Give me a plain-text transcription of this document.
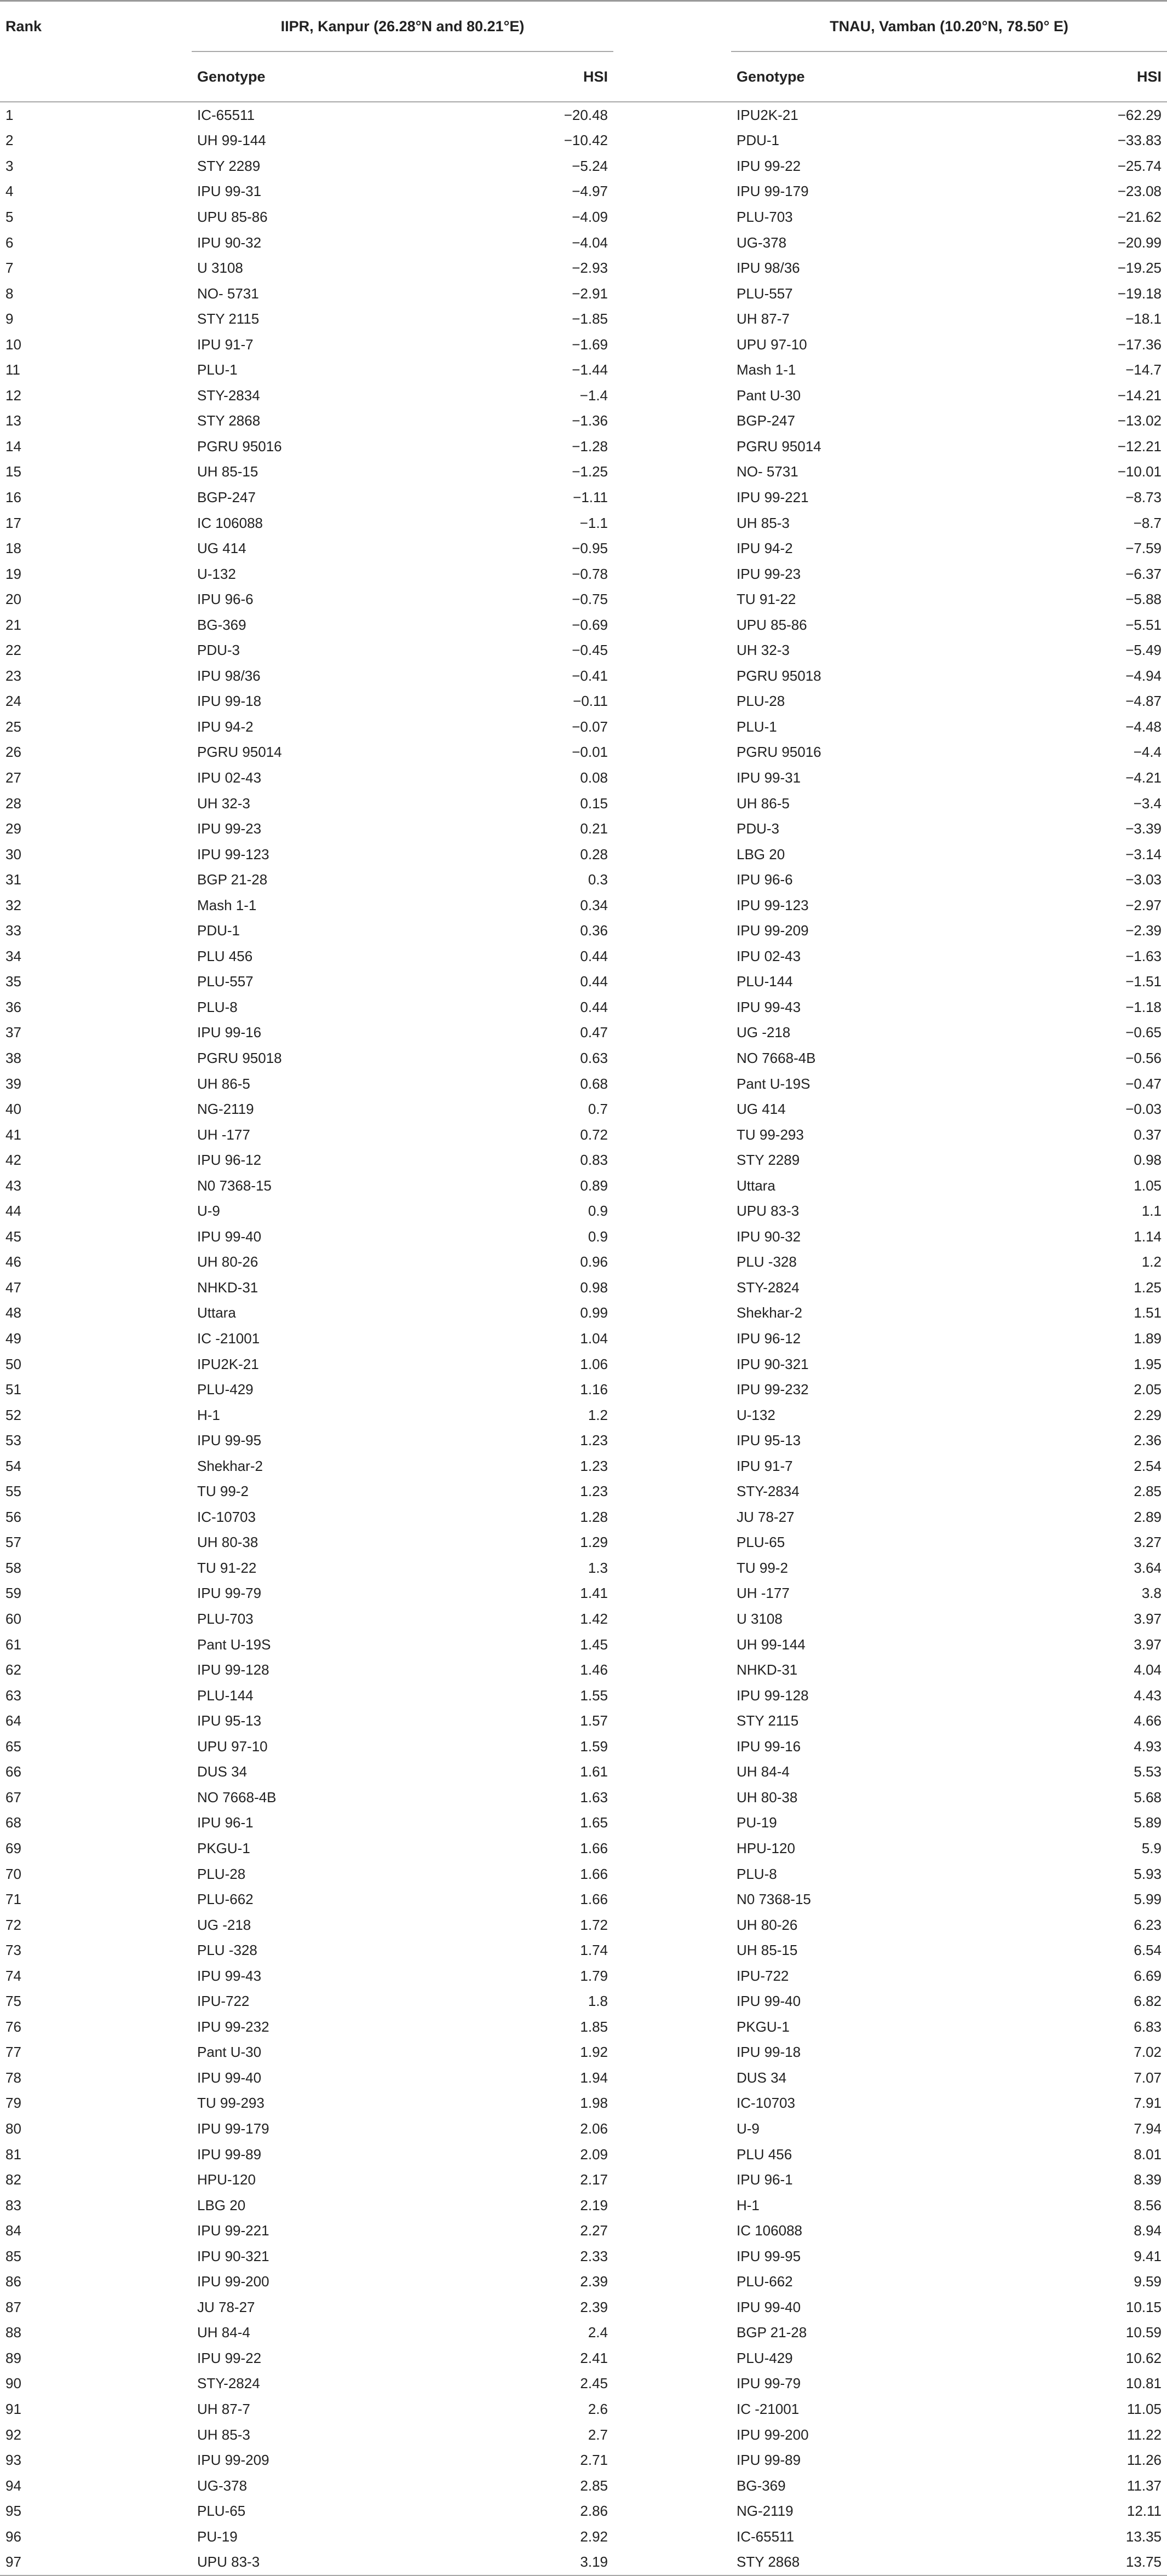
Rank	IIPR, Kanpur (26.28°N and 80.21°E)			TNAU, Vamban (10.20°N, 78.50° E)	
	Genotype	HSI		Genotype	HSI
1	IC-65511	−20.48		IPU2K-21	−62.29
2	UH 99-144	−10.42		PDU-1	−33.83
3	STY 2289	−5.24		IPU 99-22	−25.74
4	IPU 99-31	−4.97		IPU 99-179	−23.08
5	UPU 85-86	−4.09		PLU-703	−21.62
6	IPU 90-32	−4.04		UG-378	−20.99
7	U 3108	−2.93		IPU 98/36	−19.25
8	NO- 5731	−2.91		PLU-557	−19.18
9	STY 2115	−1.85		UH 87-7	−18.1
10	IPU 91-7	−1.69		UPU 97-10	−17.36
11	PLU-1	−1.44		Mash 1-1	−14.7
12	STY-2834	−1.4		Pant U-30	−14.21
13	STY 2868	−1.36		BGP-247	−13.02
14	PGRU 95016	−1.28		PGRU 95014	−12.21
15	UH 85-15	−1.25		NO- 5731	−10.01
16	BGP-247	−1.11		IPU 99-221	−8.73
17	IC 106088	−1.1		UH 85-3	−8.7
18	UG 414	−0.95		IPU 94-2	−7.59
19	U-132	−0.78		IPU 99-23	−6.37
20	IPU 96-6	−0.75		TU 91-22	−5.88
21	BG-369	−0.69		UPU 85-86	−5.51
22	PDU-3	−0.45		UH 32-3	−5.49
23	IPU 98/36	−0.41		PGRU 95018	−4.94
24	IPU 99-18	−0.11		PLU-28	−4.87
25	IPU 94-2	−0.07		PLU-1	−4.48
26	PGRU 95014	−0.01		PGRU 95016	−4.4
27	IPU 02-43	0.08		IPU 99-31	−4.21
28	UH 32-3	0.15		UH 86-5	−3.4
29	IPU 99-23	0.21		PDU-3	−3.39
30	IPU 99-123	0.28		LBG 20	−3.14
31	BGP 21-28	0.3		IPU 96-6	−3.03
32	Mash 1-1	0.34		IPU 99-123	−2.97
33	PDU-1	0.36		IPU 99-209	−2.39
34	PLU 456	0.44		IPU 02-43	−1.63
35	PLU-557	0.44		PLU-144	−1.51
36	PLU-8	0.44		IPU 99-43	−1.18
37	IPU 99-16	0.47		UG -218	−0.65
38	PGRU 95018	0.63		NO 7668-4B	−0.56
39	UH 86-5	0.68		Pant U-19S	−0.47
40	NG-2119	0.7		UG 414	−0.03
41	UH -177	0.72		TU 99-293	0.37
42	IPU 96-12	0.83		STY 2289	0.98
43	N0 7368-15	0.89		Uttara	1.05
44	U-9	0.9		UPU 83-3	1.1
45	IPU 99-40	0.9		IPU 90-32	1.14
46	UH 80-26	0.96		PLU -328	1.2
47	NHKD-31	0.98		STY-2824	1.25
48	Uttara	0.99		Shekhar-2	1.51
49	IC -21001	1.04		IPU 96-12	1.89
50	IPU2K-21	1.06		IPU 90-321	1.95
51	PLU-429	1.16		IPU 99-232	2.05
52	H-1	1.2		U-132	2.29
53	IPU 99-95	1.23		IPU 95-13	2.36
54	Shekhar-2	1.23		IPU 91-7	2.54
55	TU 99-2	1.23		STY-2834	2.85
56	IC-10703	1.28		JU 78-27	2.89
57	UH 80-38	1.29		PLU-65	3.27
58	TU 91-22	1.3		TU 99-2	3.64
59	IPU 99-79	1.41		UH -177	3.8
60	PLU-703	1.42		U 3108	3.97
61	Pant U-19S	1.45		UH 99-144	3.97
62	IPU 99-128	1.46		NHKD-31	4.04
63	PLU-144	1.55		IPU 99-128	4.43
64	IPU 95-13	1.57		STY 2115	4.66
65	UPU 97-10	1.59		IPU 99-16	4.93
66	DUS 34	1.61		UH 84-4	5.53
67	NO 7668-4B	1.63		UH 80-38	5.68
68	IPU 96-1	1.65		PU-19	5.89
69	PKGU-1	1.66		HPU-120	5.9
70	PLU-28	1.66		PLU-8	5.93
71	PLU-662	1.66		N0 7368-15	5.99
72	UG -218	1.72		UH 80-26	6.23
73	PLU -328	1.74		UH 85-15	6.54
74	IPU 99-43	1.79		IPU-722	6.69
75	IPU-722	1.8		IPU 99-40	6.82
76	IPU 99-232	1.85		PKGU-1	6.83
77	Pant U-30	1.92		IPU 99-18	7.02
78	IPU 99-40	1.94		DUS 34	7.07
79	TU 99-293	1.98		IC-10703	7.91
80	IPU 99-179	2.06		U-9	7.94
81	IPU 99-89	2.09		PLU 456	8.01
82	HPU-120	2.17		IPU 96-1	8.39
83	LBG 20	2.19		H-1	8.56
84	IPU 99-221	2.27		IC 106088	8.94
85	IPU 90-321	2.33		IPU 99-95	9.41
86	IPU 99-200	2.39		PLU-662	9.59
87	JU 78-27	2.39		IPU 99-40	10.15
88	UH 84-4	2.4		BGP 21-28	10.59
89	IPU 99-22	2.41		PLU-429	10.62
90	STY-2824	2.45		IPU 99-79	10.81
91	UH 87-7	2.6		IC -21001	11.05
92	UH 85-3	2.7		IPU 99-200	11.22
93	IPU 99-209	2.71		IPU 99-89	11.26
94	UG-378	2.85		BG-369	11.37
95	PLU-65	2.86		NG-2119	12.11
96	PU-19	2.92		IC-65511	13.35
97	UPU 83-3	3.19		STY 2868	13.75
